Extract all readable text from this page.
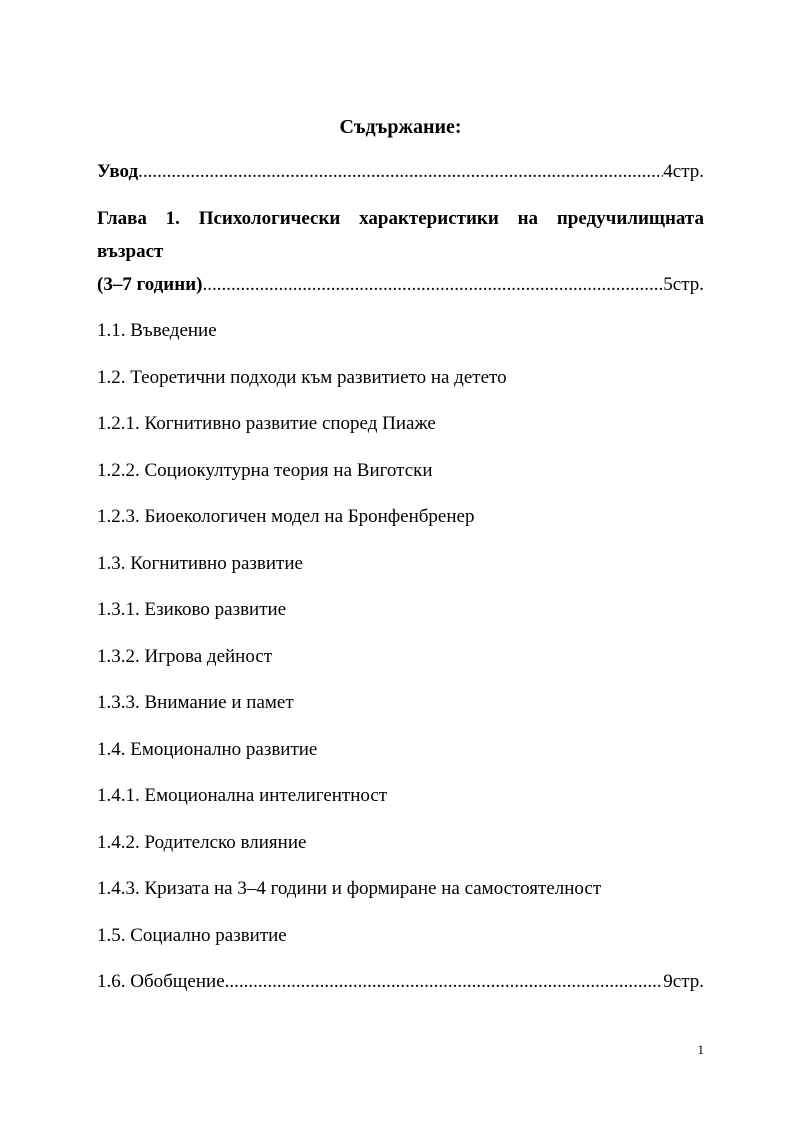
Съдържание:

Увод .....	4стр.

Глава 1. Психологически характеристики на предучилищната възраст

(3–7 години) .....	5стр.

1.1. Въведение

1.2. Теоретични подходи към развитието на детето

1.2.1. Когнитивно развитие според Пиаже

1.2.2. Социокултурна теория на Виготски

1.2.3. Биоекологичен модел на Бронфенбренер

1.3. Когнитивно развитие

1.3.1. Езиково развитие

1.3.2. Игрова дейност

1.3.3. Внимание и памет

1.4. Емоционално развитие

1.4.1. Емоционална интелигентност

1.4.2. Родителско влияние

1.4.3. Кризата на 3–4 години и формиране на самостоятелност

1.5. Социално развитие

1.6. Обобщение .....	9стр.

1
